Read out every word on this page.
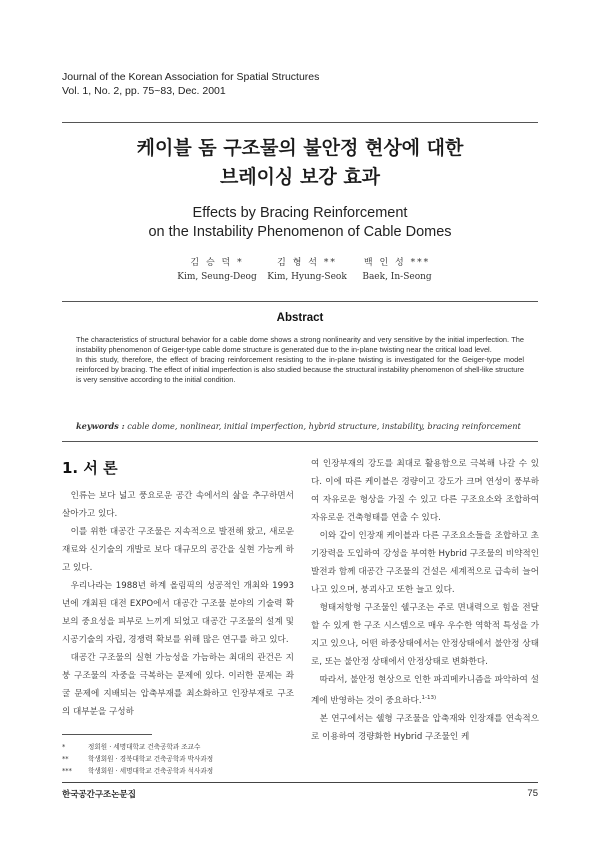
Journal of the Korean Association for Spatial Structures
Vol. 1, No. 2, pp. 75~83, Dec. 2001
케이블 돔 구조물의 불안정 현상에 대한
브레이싱 보강 효과
Effects by Bracing Reinforcement
on the Instability Phenomenon of Cable Domes
김 승 덕 *
Kim, Seung-Deog
김 형 석 **
Kim, Hyung-Seok
백 인 성 ***
Baek, In-Seong
Abstract

The characteristics of structural behavior for a cable dome shows a strong nonlinearity and very sensitive by the initial imperfection. The instability phenomenon of Geiger-type cable dome structure is generated due to the in-plane twisting near the critical load level.

In this study, therefore, the effect of bracing reinforcement resisting to the in-plane twisting is investigated for the Geiger-type model reinforced by bracing. The effect of initial imperfection is also studied because the structural instability phenomenon of shell-like structure is very sensitive according to the initial condition.

keywords : cable dome, nonlinear, initial imperfection, hybrid structure, instability, bracing reinforcement
1. 서 론

인류는 보다 넓고 풍요로운 공간 속에서의 삶을 추구하면서 살아가고 있다.

이를 위한 대공간 구조물은 지속적으로 발전해 왔고, 새로운 재료와 신기술의 개발로 보다 대규모의 공간을 실현 가능케 하고 있다.

우리나라는 1988년 하계 올림픽의 성공적인 개최와 1993년에 개최된 대전 EXPO에서 대공간 구조물 분야의 기술력 확보의 중요성을 피부로 느끼게 되었고 대공간 구조물의 설계 및 시공기술의 자립, 경쟁력 확보를 위해 많은 연구를 하고 있다.

대공간 구조물의 실현 가능성을 가늠하는 최대의 관건은 지붕 구조물의 자중을 극복하는 문제에 있다. 이러한 문제는 좌굴 문제에 지배되는 압축부재를 최소화하고 인장부재로 구조의 대부분을 구성하

여 인장부재의 강도를 최대로 활용함으로 극복해 나갈 수 있다. 이에 따른 케이블은 경량이고 강도가 크며 연성이 풍부하여 자유로운 형상을 가질 수 있고 다른 구조요소와 조합하여 자유로운 건축형태를 연출 수 있다.

이와 같이 인장재 케이블과 다른 구조요소들을 조합하고 초기장력을 도입하여 강성을 부여한 Hybrid 구조물의 비약적인 발전과 함께 대공간 구조물의 건설은 세계적으로 급속히 늘어나고 있으며, 붕괴사고 또한 늘고 있다.

형태저항형 구조물인 쉘구조는 주로 면내력으로 힘을 전달할 수 있게 한 구조 시스템으로 매우 우수한 역학적 특성을 가지고 있으나, 어떤 하중상태에서는 안정상태에서 불안정 상태로, 또는 불안정 상태에서 안정상태로 변화한다.

따라서, 불안정 현상으로 인한 파괴메카니즘을 파악하여 설계에 반영하는 것이 중요하다.$^{1-13)}$

본 연구에서는 쉘형 구조물을 압축재와 인장재를 연속적으로 이용하여 경량화한 Hybrid 구조물인 케

*	정회원 · 세명대학교 건축공학과 조교수
**	학생회원 · 경북대학교 건축공학과 박사과정
*** 학생회원 · 세명대학교 건축공학과 석사과정
한국공간구조논문집	75
